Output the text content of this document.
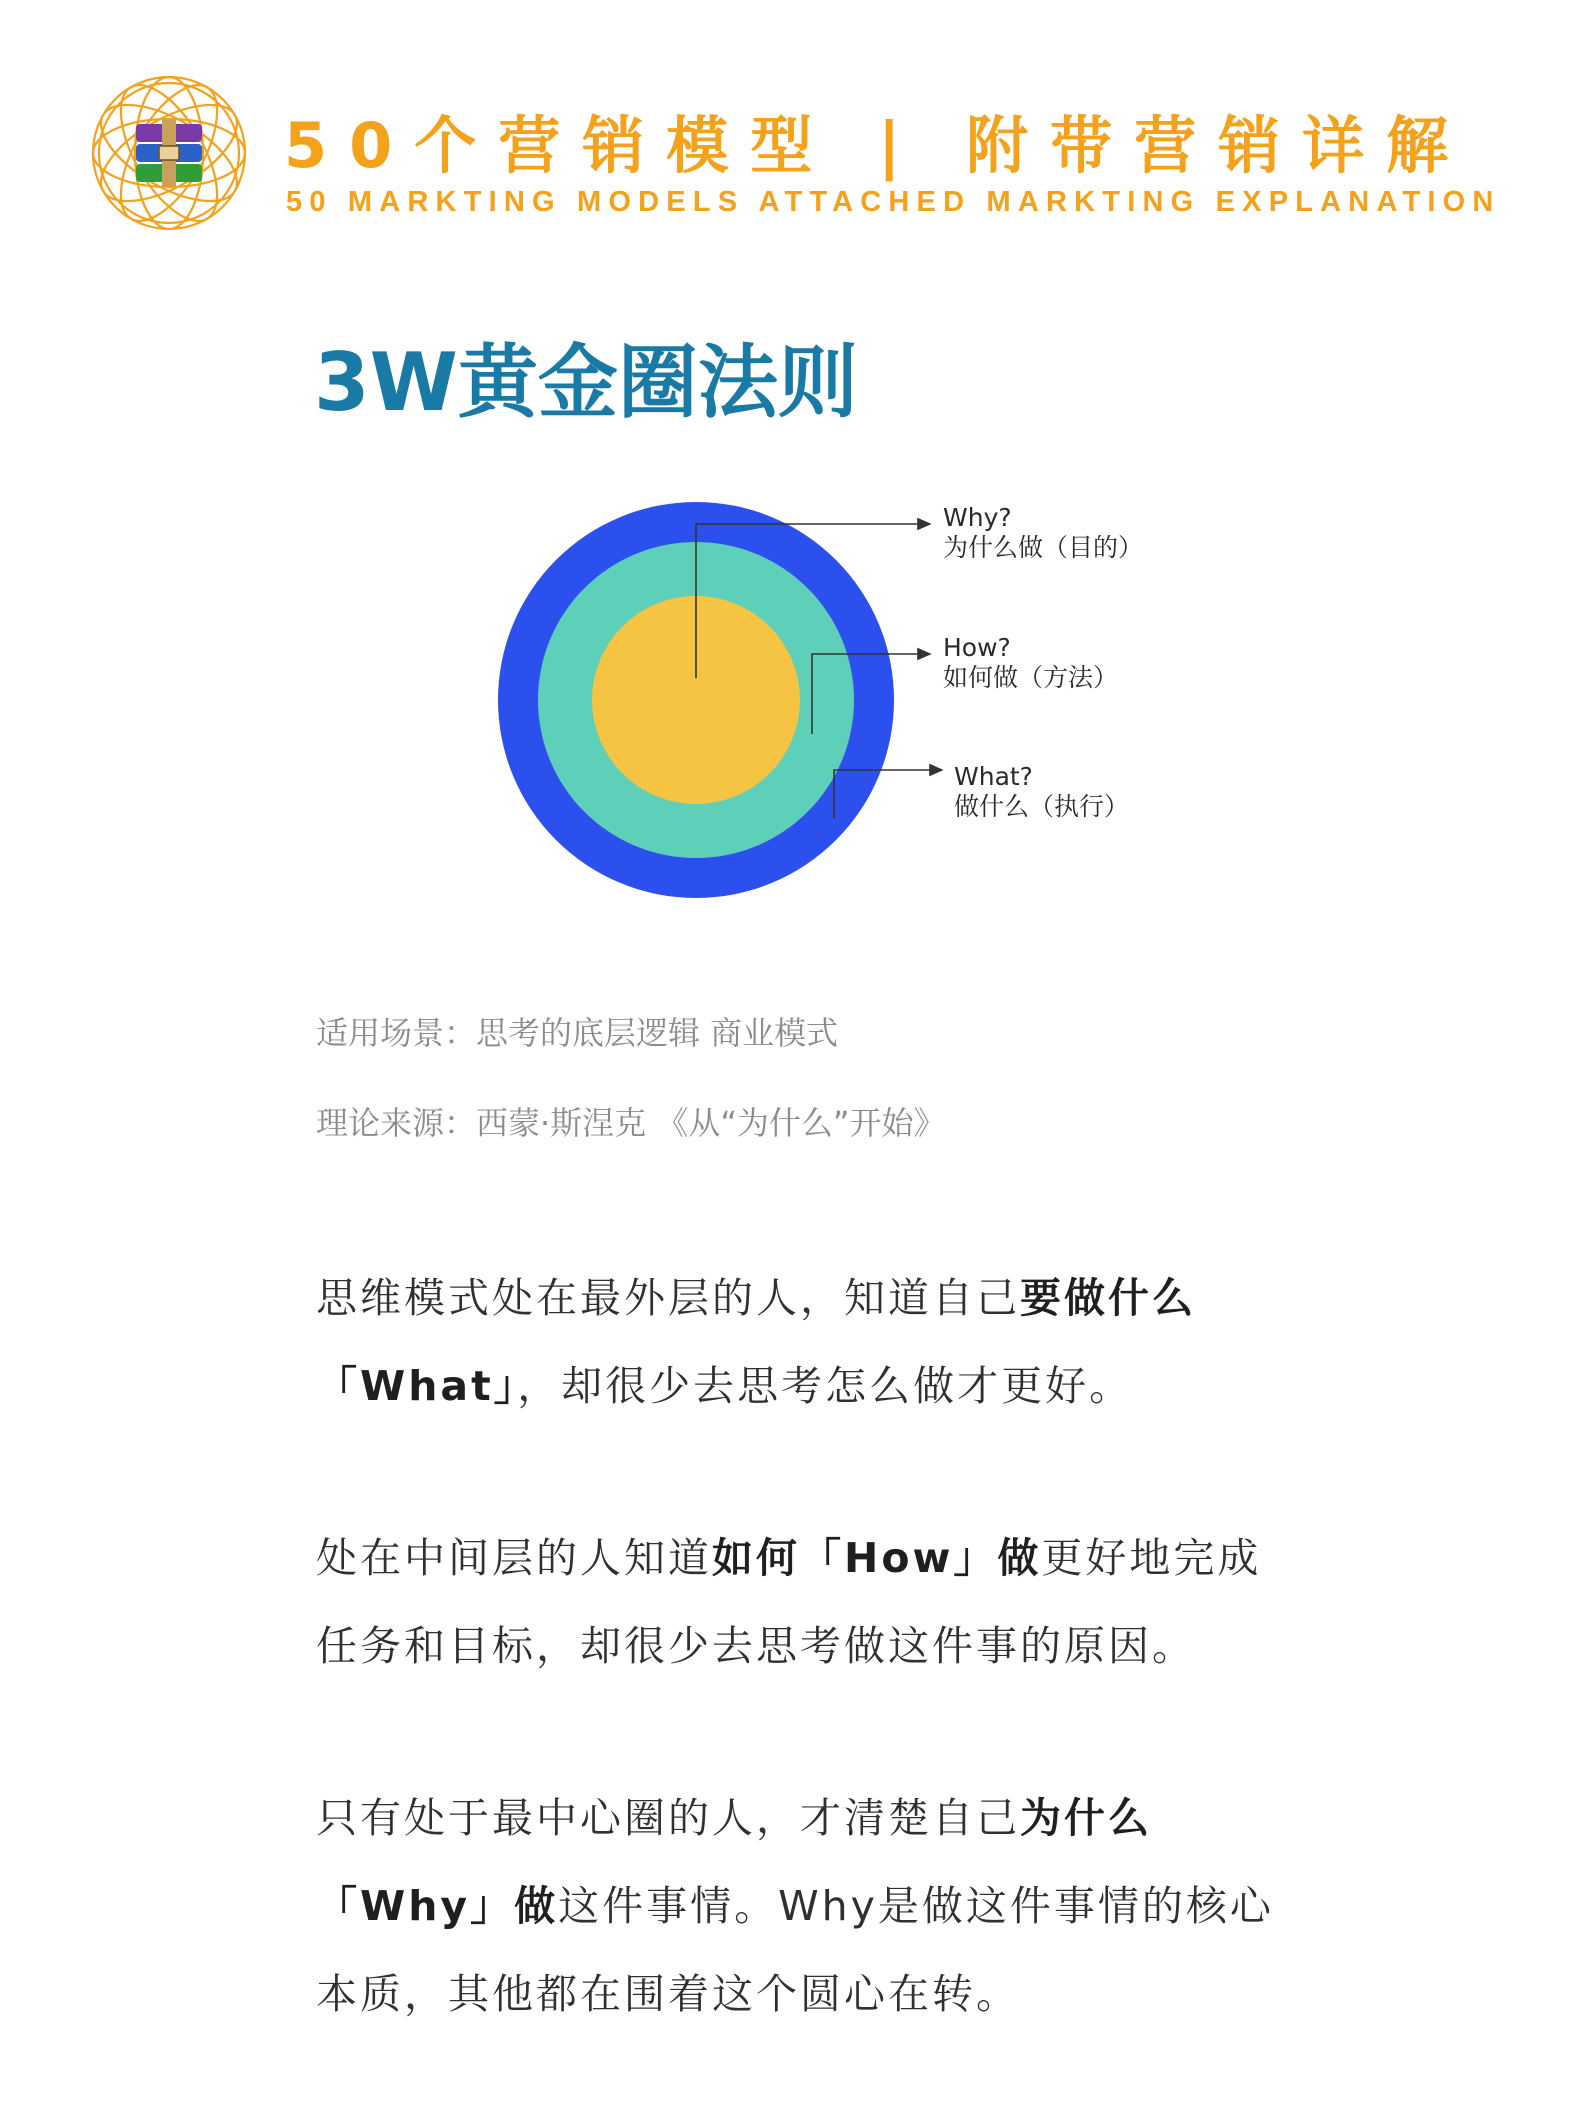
50个营销模型 | 附带营销详解
50 MARKTING MODELS ATTACHED MARKTING EXPLANATION
3W黄金圈法则
Why?
为什么做（目的）
How?
如何做（方法）
What?
做什么（执行）
适用场景：思考的底层逻辑 商业模式
理论来源：西蒙·斯涅克 《从“为什么”开始》
思维模式处在最外层的人，知道自己要做什么
「What」，却很少去思考怎么做才更好。
处在中间层的人知道如何「How」做更好地完成
任务和目标，却很少去思考做这件事的原因。
只有处于最中心圈的人，才清楚自己为什么
「Why」做这件事情。Why是做这件事情的核心
本质，其他都在围着这个圆心在转。
